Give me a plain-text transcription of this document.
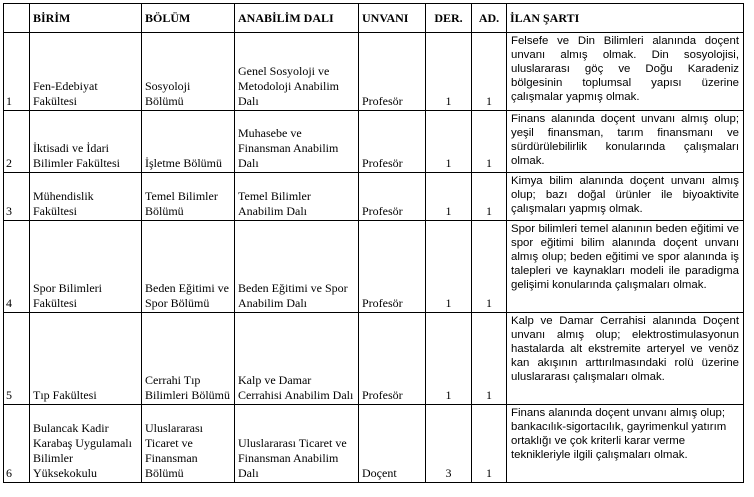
	BİRİM	BÖLÜM	ANABİLİM DALI	UNVANI	DER.	AD.	İLAN ŞARTI
1	Fen-Edebiyat Fakültesi	Sosyoloji Bölümü	Genel Sosyoloji ve Metodoloji Anabilim Dalı	Profesör	1	1	Felsefe ve Din Bilimleri alanında doçent unvanı almış olmak. Din sosyolojisi, uluslararası göç ve Doğu Karadeniz bölgesinin toplumsal yapısı üzerine çalışmalar yapmış olmak.
2	İktisadi ve İdari Bilimler Fakültesi	İşletme Bölümü	Muhasebe ve Finansman Anabilim Dalı	Profesör	1	1	Finans alanında doçent unvanı almış olup; yeşil finansman, tarım finansmanı ve sürdürülebilirlik konularında çalışmaları olmak.
3	Mühendislik Fakültesi	Temel Bilimler Bölümü	Temel Bilimler Anabilim Dalı	Profesör	1	1	Kimya bilim alanında doçent unvanı almış olup; bazı doğal ürünler ile biyoaktivite çalışmaları yapmış olmak.
4	Spor Bilimleri Fakültesi	Beden Eğitimi ve Spor Bölümü	Beden Eğitimi ve Spor Anabilim Dalı	Profesör	1	1	Spor bilimleri temel alanının beden eğitimi ve spor eğitimi bilim alanında doçent unvanı almış olup; beden eğitimi ve spor alanında iş talepleri ve kaynakları modeli ile paradigma gelişimi konularında çalışmaları olmak.
5	Tıp Fakültesi	Cerrahi Tıp Bilimleri Bölümü	Kalp ve Damar Cerrahisi Anabilim Dalı	Profesör	1	1	Kalp ve Damar Cerrahisi alanında Doçent unvanı almış olup; elektrostimulasyonun hastalarda alt ekstremite arteryel ve venöz kan akışının arttırılmasındaki rolü üzerine uluslararası çalışmaları olmak.
6	Bulancak Kadir Karabaş Uygulamalı Bilimler Yüksekokulu	Uluslararası Ticaret ve Finansman Bölümü	Uluslararası Ticaret ve Finansman Anabilim Dalı	Doçent	3	1	Finans alanında doçent unvanı almış olup; bankacılık-sigortacılık, gayrimenkul yatırım ortaklığı ve çok kriterli karar verme teknikleriyle ilgili çalışmaları olmak.
